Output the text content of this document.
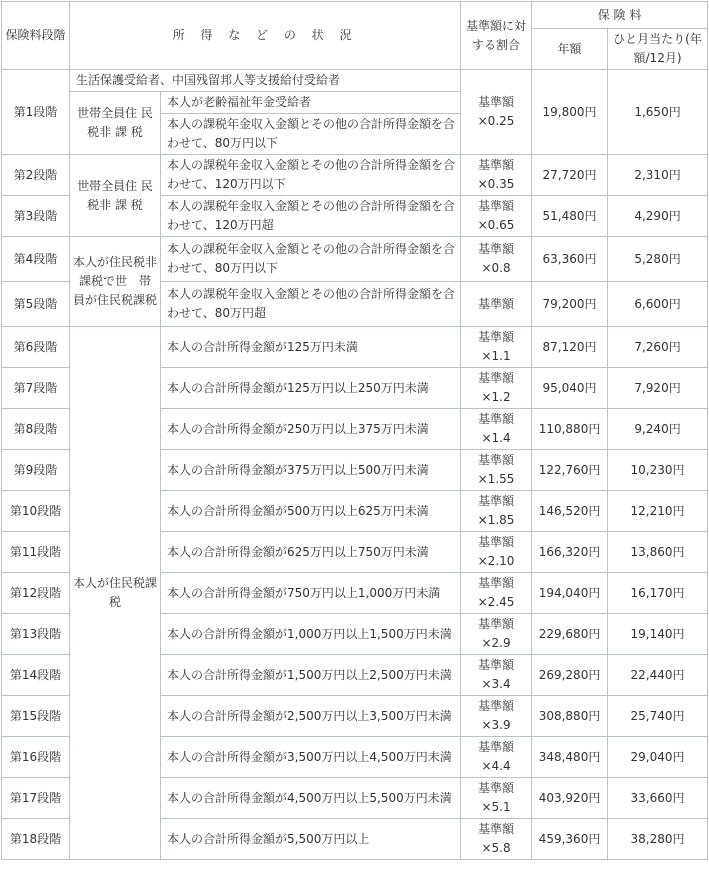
保険料段階	所 得 な ど の 状 況		基準額に対する割合	保 険 料	
				年額	ひと月当たり(年額/12月)
第1段階	生活保護受給者、中国残留邦人等支援給付受給者		基準額×0.25	19,800円	1,650円
	世帯全員住 民 税非 課 税	本人が老齢福祉年金受給者			
		本人の課税年金収入金額とその他の合計所得金額を合わせて、80万円以下			
第2段階	世帯全員住 民 税非 課 税	本人の課税年金収入金額とその他の合計所得金額を合わせて、120万円以下	基準額×0.35	27,720円	2,310円
第3段階		本人の課税年金収入金額とその他の合計所得金額を合わせて、120万円超	基準額×0.65	51,480円	4,290円
第4段階	本人が住民税非課税で世　帯　員が住民税課税	本人の課税年金収入金額とその他の合計所得金額を合わせて、80万円以下	基準額×0.8	63,360円	5,280円
第5段階		本人の課税年金収入金額とその他の合計所得金額を合わせて、80万円超	基準額	79,200円	6,600円
第6段階	本人が住民税課　税	本人の合計所得金額が125万円未満	基準額×1.1	87,120円	7,260円
第7段階		本人の合計所得金額が125万円以上250万円未満	基準額×1.2	95,040円	7,920円
第8段階		本人の合計所得金額が250万円以上375万円未満	基準額×1.4	110,880円	9,240円
第9段階		本人の合計所得金額が375万円以上500万円未満	基準額×1.55	122,760円	10,230円
第10段階		本人の合計所得金額が500万円以上625万円未満	基準額×1.85	146,520円	12,210円
第11段階		本人の合計所得金額が625万円以上750万円未満	基準額×2.10	166,320円	13,860円
第12段階		本人の合計所得金額が750万円以上1,000万円未満	基準額×2.45	194,040円	16,170円
第13段階		本人の合計所得金額が1,000万円以上1,500万円未満	基準額×2.9	229,680円	19,140円
第14段階		本人の合計所得金額が1,500万円以上2,500万円未満	基準額×3.4	269,280円	22,440円
第15段階		本人の合計所得金額が2,500万円以上3,500万円未満	基準額×3.9	308,880円	25,740円
第16段階		本人の合計所得金額が3,500万円以上4,500万円未満	基準額×4.4	348,480円	29,040円
第17段階		本人の合計所得金額が4,500万円以上5,500万円未満	基準額×5.1	403,920円	33,660円
第18段階		本人の合計所得金額が5,500万円以上	基準額×5.8	459,360円	38,280円
